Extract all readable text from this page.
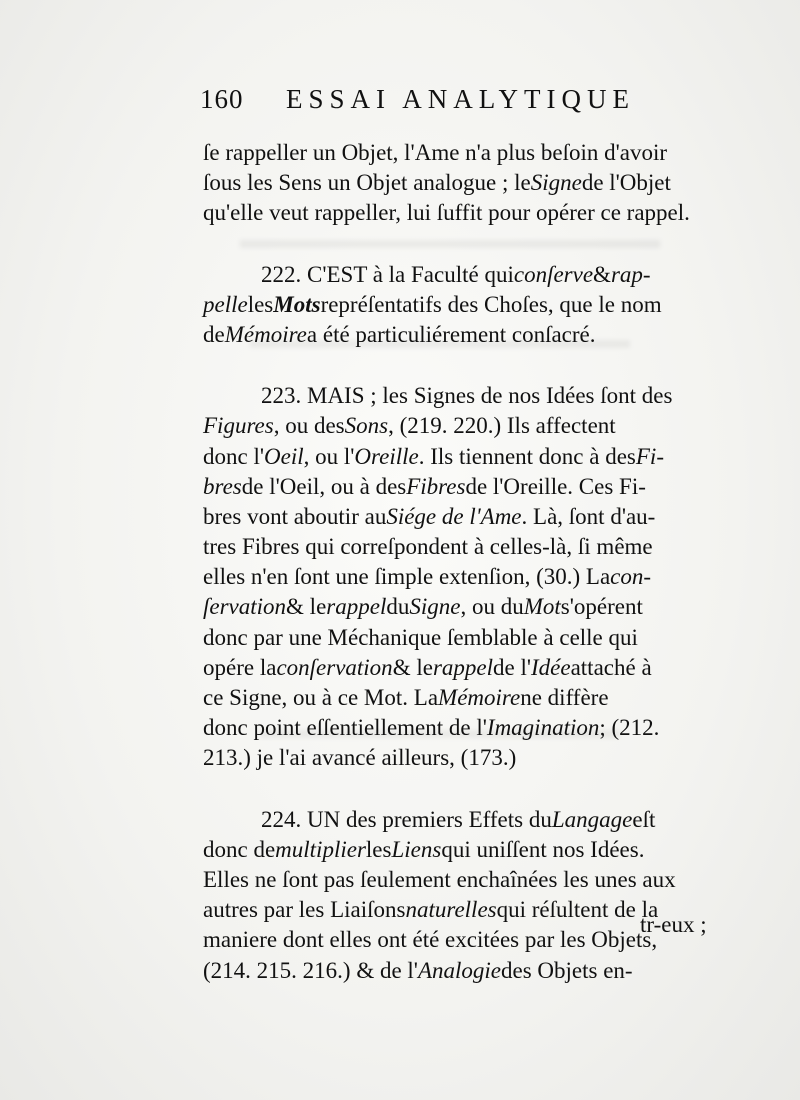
160 ESSAI ANALYTIQUE
ſe rappeller un Objet, l'Ame n'a plus beſoin d'avoir
ſous les Sens un Objet analogue ; leSignede l'Objet
qu'elle veut rappeller, lui ſuffit pour opérer ce rappel.
222. C'EST à la Faculté quiconſerve&rap-
pellelesMotsrepréſentatifs des Choſes, que le nom
deMémoirea été particuliérement conſacré.
223. MAIS ; les Signes de nos Idées ſont des
Figures, ou desSons, (219. 220.) Ils affectent
donc l'Oeil, ou l'Oreille. Ils tiennent donc à desFi-
bresde l'Oeil, ou à desFibresde l'Oreille. Ces Fi-
bres vont aboutir auSiége de l'Ame. Là, ſont d'au-
tres Fibres qui correſpondent à celles-là, ſi même
elles n'en ſont une ſimple extenſion, (30.) Lacon-
ſervation& lerappelduSigne, ou duMots'opérent
donc par une Méchanique ſemblable à celle qui
opére laconſervation& lerappelde l'Idéeattaché à
ce Signe, ou à ce Mot. LaMémoirene diffère
donc point eſſentiellement de l'Imagination; (212.
213.) je l'ai avancé ailleurs, (173.)
224. UN des premiers Effets duLangageeſt
donc demultiplierlesLiensqui uniſſent nos Idées.
Elles ne ſont pas ſeulement enchaînées les unes aux
autres par les Liaiſonsnaturellesqui réſultent de la
maniere dont elles ont été excitées par les Objets,
(214. 215. 216.) & de l'Analogiedes Objets en-
tr-eux ;
